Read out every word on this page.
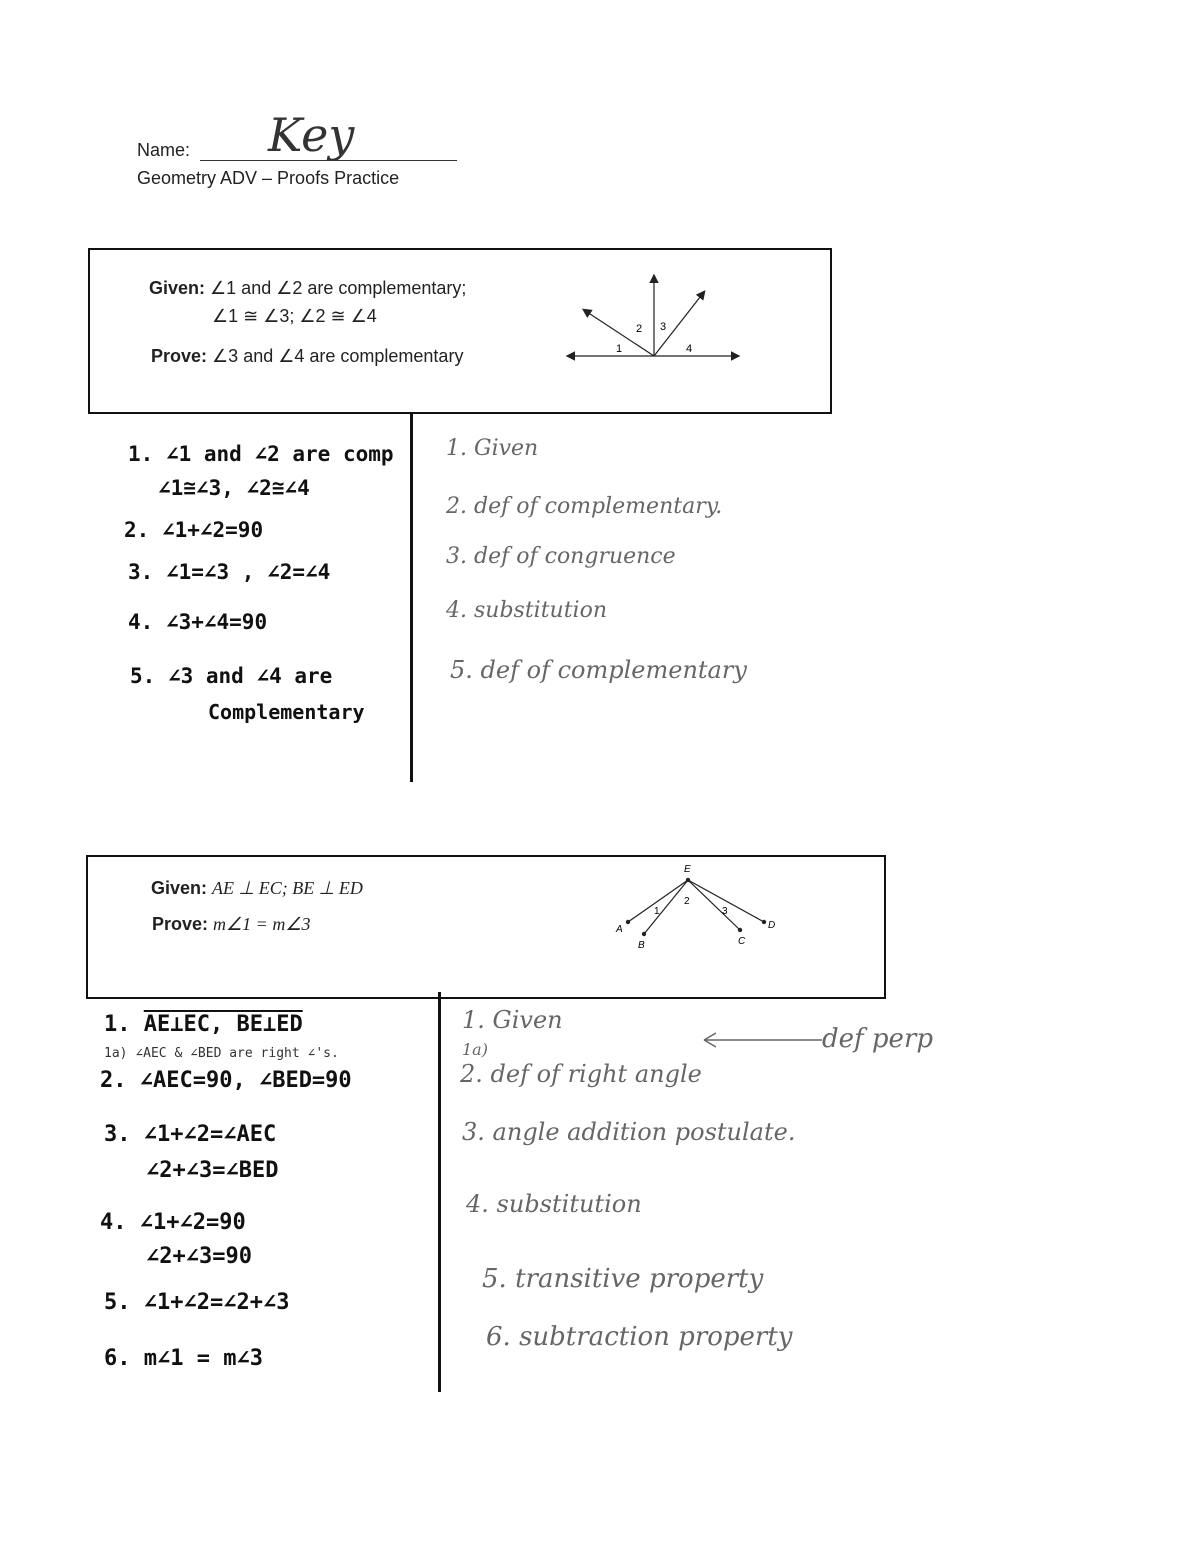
Name: Key
Geometry ADV – Proofs Practice
Given: ∠1 and ∠2 are complementary;
∠1 ≅ ∠3; ∠2 ≅ ∠4
Prove: ∠3 and ∠4 are complementary	1
2 3
4
1. ∠1 and ∠2 are comp
∠1≅∠3, ∠2≅∠4
2. ∠1+∠2=90
3. ∠1=∠3 , ∠2=∠4
4. ∠3+∠4=90
5. ∠3 and ∠4 are
Complementary
1. Given
2. def of complementary.
3. def of congruence
4. substitution
5. def of complementary
Given: AE ⊥ EC; BE ⊥ ED
Prove: m∠1 = m∠3
E
A
B	C
D
1
2
3
1. AE⊥EC, BE⊥ED
1a) ∠AEC & ∠BED are right ∠'s.
2. ∠AEC=90, ∠BED=90
3. ∠1+∠2=∠AEC
∠2+∠3=∠BED
4. ∠1+∠2=90
∠2+∠3=90
5. ∠1+∠2=∠2+∠3
6. m∠1 = m∠3
1. Given
1a)
2. def of right angle
3. angle addition postulate.
4. substitution
5. transitive property
6. subtraction property
def perp
